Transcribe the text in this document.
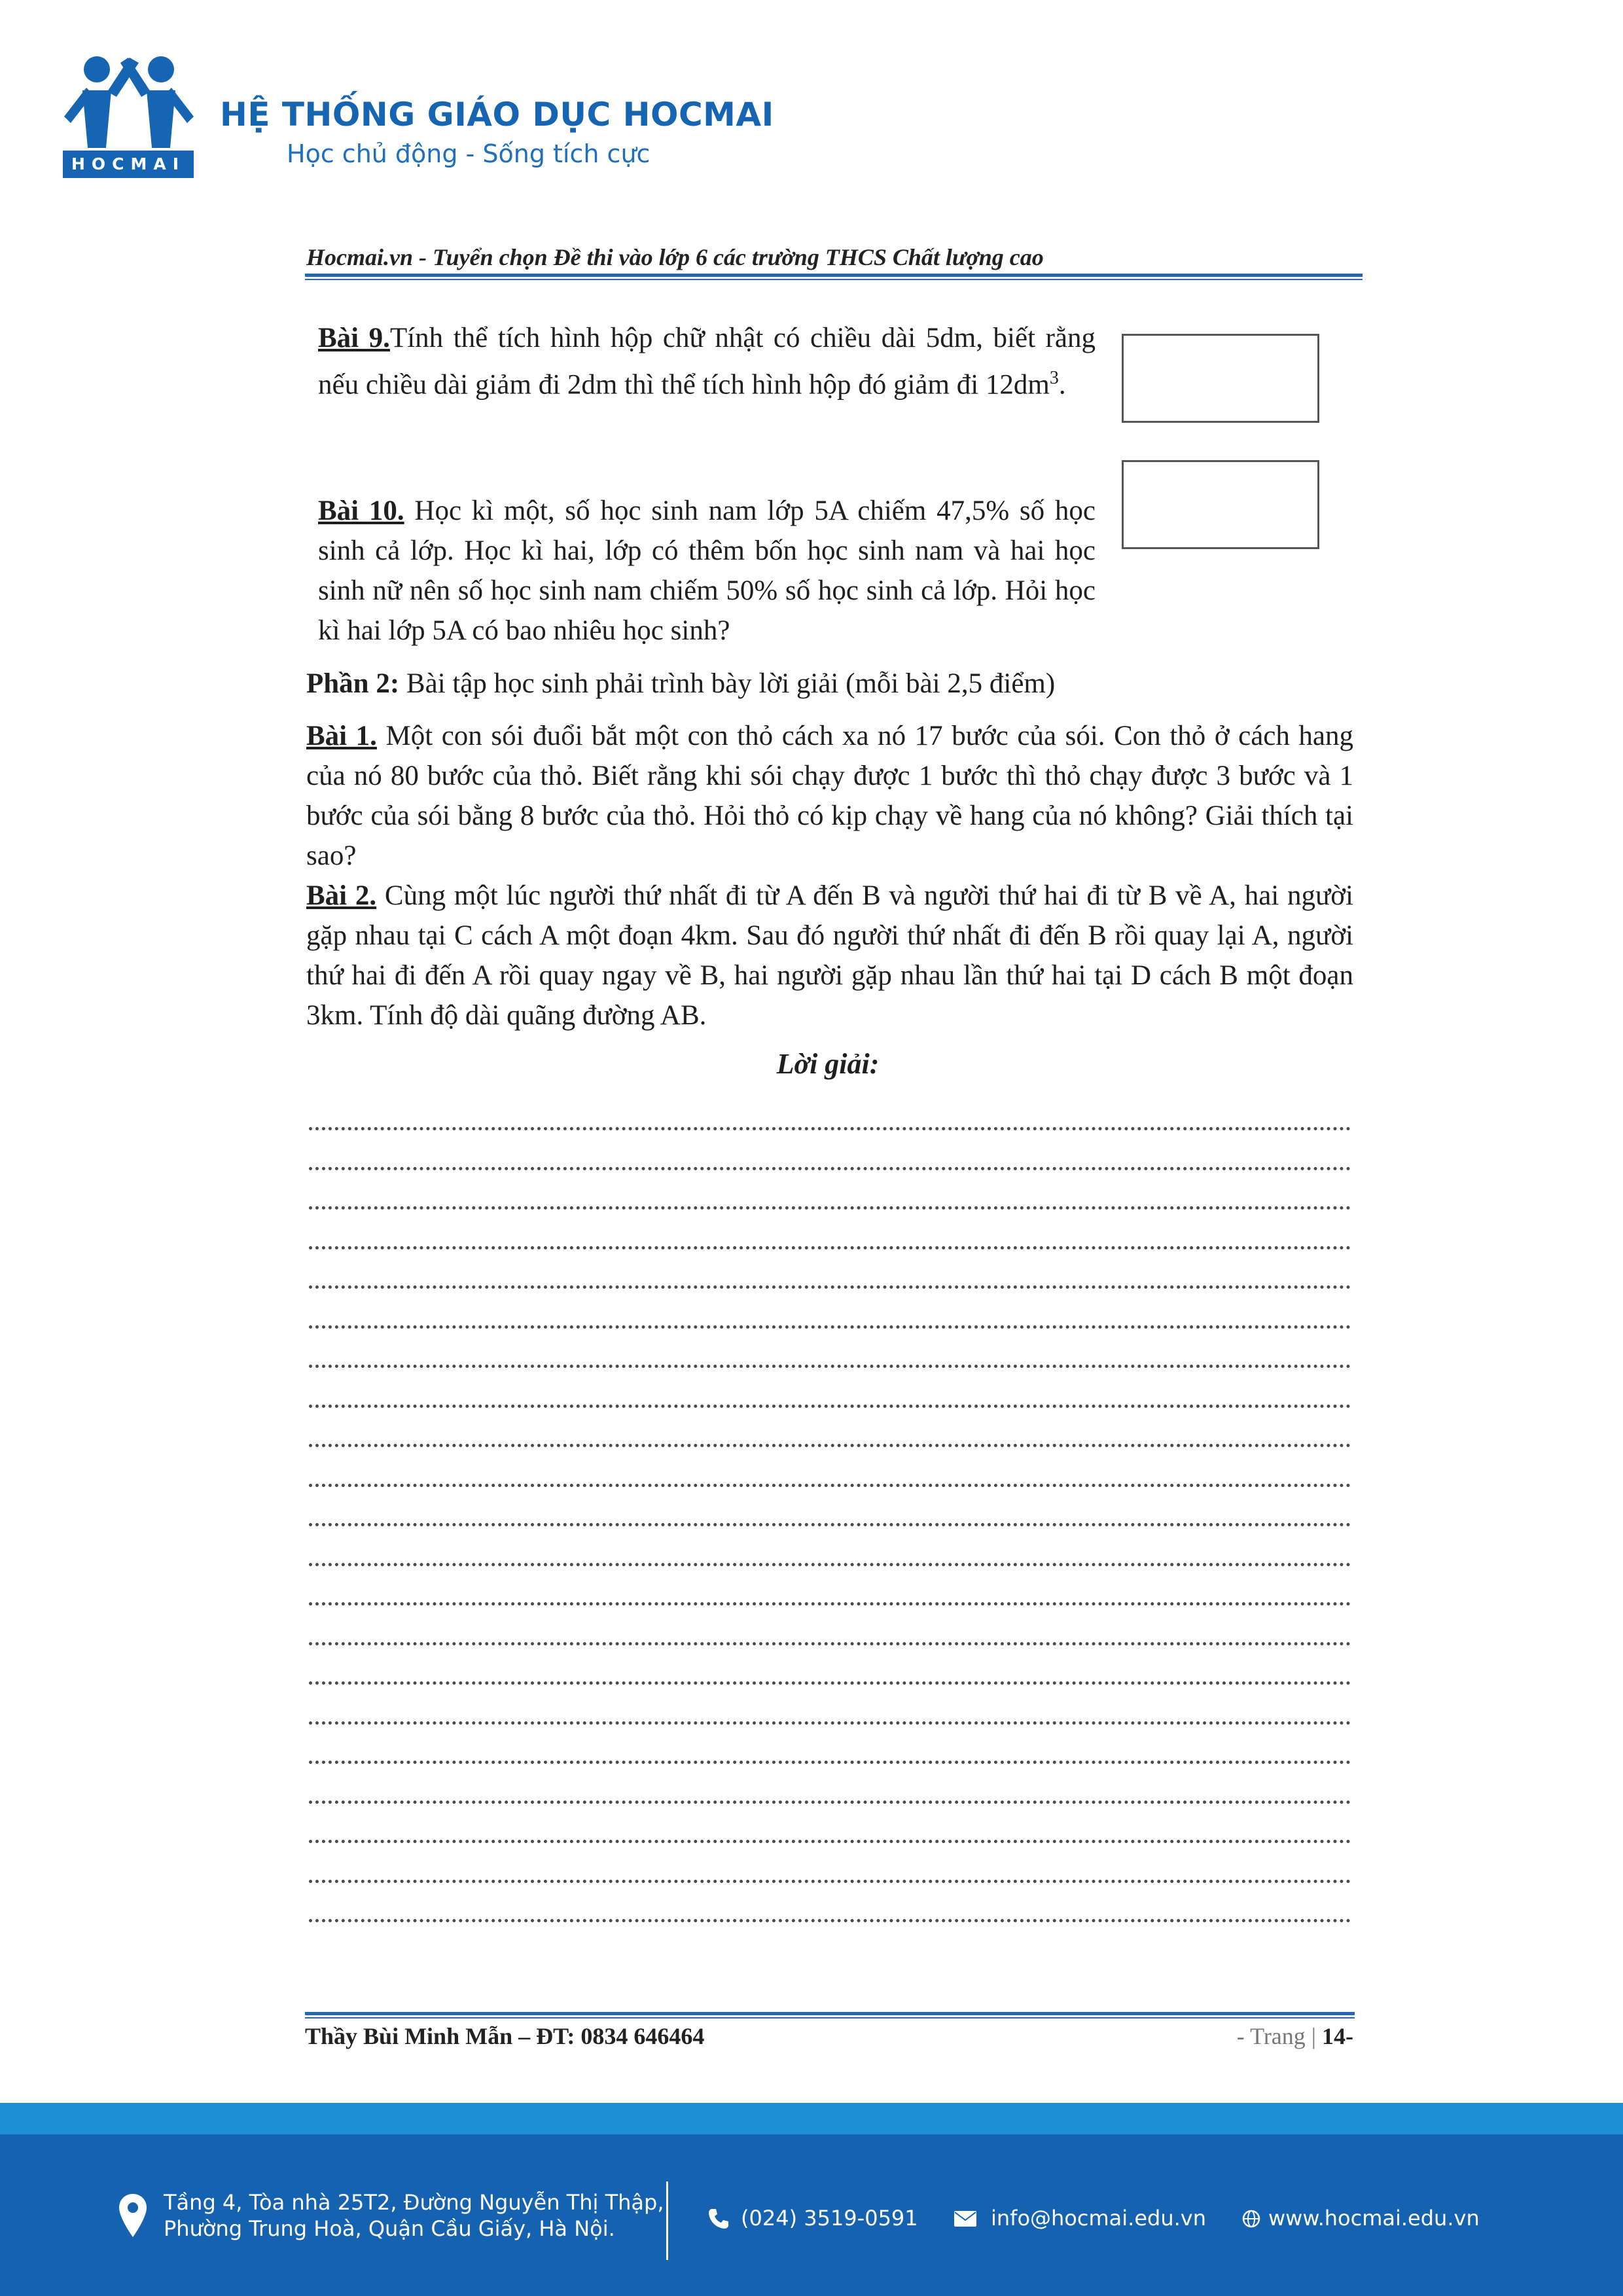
HOCMAI
HỆ THỐNG GIÁO DỤC HOCMAI
Học chủ động - Sống tích cực
Hocmai.vn - Tuyển chọn Đề thi vào lớp 6 các trường THCS Chất lượng cao

Bài 9.Tính thể tích hình hộp chữ nhật có chiều dài 5dm, biết rằng nếu chiều dài giảm đi 2dm thì thể tích hình hộp đó giảm đi $12dm^3$.

Bài 10. Học kì một, số học sinh nam lớp 5A chiếm 47,5% số học sinh cả lớp. Học kì hai, lớp có thêm bốn học sinh nam và hai học sinh nữ nên số học sinh nam chiếm 50% số học sinh cả lớp. Hỏi học kì hai lớp 5A có bao nhiêu học sinh?

Phần 2: Bài tập học sinh phải trình bày lời giải (mỗi bài 2,5 điểm)

Bài 1. Một con sói đuổi bắt một con thỏ cách xa nó 17 bước của sói. Con thỏ ở cách hang của nó 80 bước của thỏ. Biết rằng khi sói chạy được 1 bước thì thỏ chạy được 3 bước và 1 bước của sói bằng 8 bước của thỏ. Hỏi thỏ có kịp chạy về hang của nó không? Giải thích tại sao?

Bài 2. Cùng một lúc người thứ nhất đi từ A đến B và người thứ hai đi từ B về A, hai người gặp nhau tại C cách A một đoạn 4km. Sau đó người thứ nhất đi đến B rồi quay lại A, người thứ hai đi đến A rồi quay ngay về B, hai người gặp nhau lần thứ hai tại D cách B một đoạn 3km. Tính độ dài quãng đường AB.

Lời giải:
Thầy Bùi Minh Mẫn – ĐT: 0834 646464	- Trang | 14-
Tầng 4, Tòa nhà 25T2, Đường Nguyễn Thị Thập,
Phường Trung Hoà, Quận Cầu Giấy, Hà Nội.	(024) 3519-0591	info@hocmai.edu.vn	www.hocmai.edu.vn
